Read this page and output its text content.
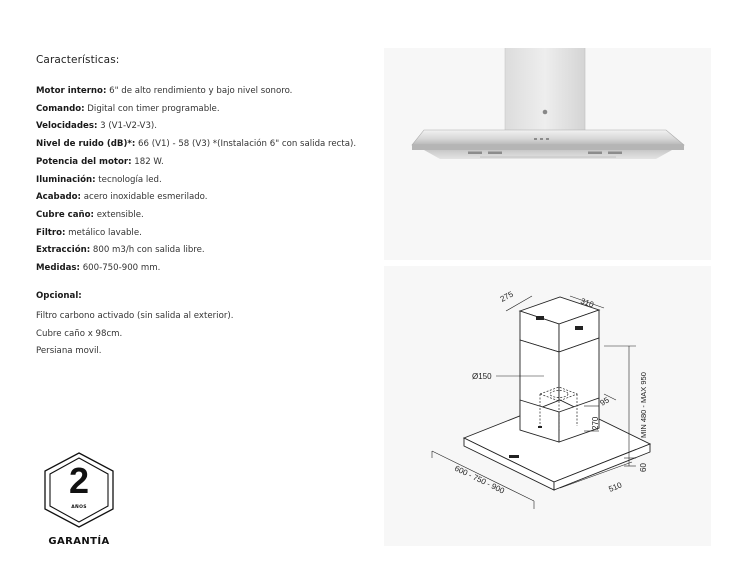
Características:
Motor interno: 6" de alto rendimiento y bajo nivel sonoro.
Comando: Digital con timer programable.
Velocidades: 3 (V1-V2-V3).
Nivel de ruido (dB)*: 66 (V1) - 58 (V3) *(Instalación 6" con salida recta).
Potencia del motor: 182 W.
Iluminación: tecnología led.
Acabado: acero inoxidable esmerilado.
Cubre caño: extensible.
Filtro: metálico lavable.
Extracción: 800 m3/h con salida libre.
Medidas: 600-750-900 mm.
Opcional:
Filtro carbono activado (sin salida al exterior).
Cubre caño x 98cm.
Persiana movil.
275	310
Ø150	MIN 480 - MAX 950
95
270
600 - 750 - 900	510
60
2
AÑOS
GARANTÍA
